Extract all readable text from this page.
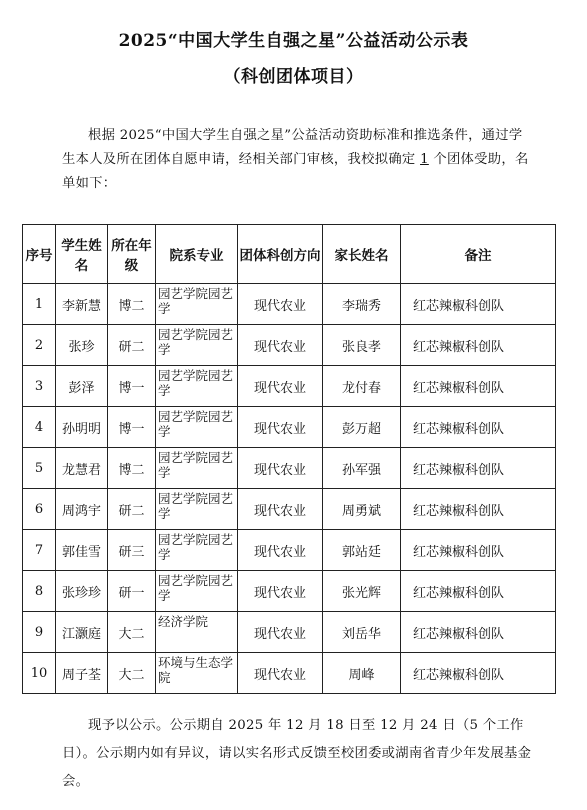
2025“中国大学生自强之星”公益活动公示表
（科创团体项目）
根据 2025“中国大学生自强之星”公益活动资助标准和推选条件，通过学生本人及所在团体自愿申请，经相关部门审核，我校拟确定 1 个团体受助，名单如下：
序号	学生姓名	所在年级	院系专业	团体科创方向	家长姓名	备注
1	李新慧	博二	园艺学院园艺学	现代农业	李瑞秀	红芯辣椒科创队
2	张珍	研二	园艺学院园艺学	现代农业	张良孝	红芯辣椒科创队
3	彭泽	博一	园艺学院园艺学	现代农业	龙付春	红芯辣椒科创队
4	孙明明	博一	园艺学院园艺学	现代农业	彭万超	红芯辣椒科创队
5	龙慧君	博二	园艺学院园艺学	现代农业	孙军强	红芯辣椒科创队
6	周鸿宇	研二	园艺学院园艺学	现代农业	周勇斌	红芯辣椒科创队
7	郭佳雪	研三	园艺学院园艺学	现代农业	郭站廷	红芯辣椒科创队
8	张珍珍	研一	园艺学院园艺学	现代农业	张光辉	红芯辣椒科创队
9	江灏庭	大二	经济学院	现代农业	刘岳华	红芯辣椒科创队
10	周子荃	大二	环境与生态学院	现代农业	周峰	红芯辣椒科创队
现予以公示。公示期自 2025 年 12 月 18 日至 12 月 24 日（5 个工作日）。公示期内如有异议，请以实名形式反馈至校团委或湖南省青少年发展基金会。
